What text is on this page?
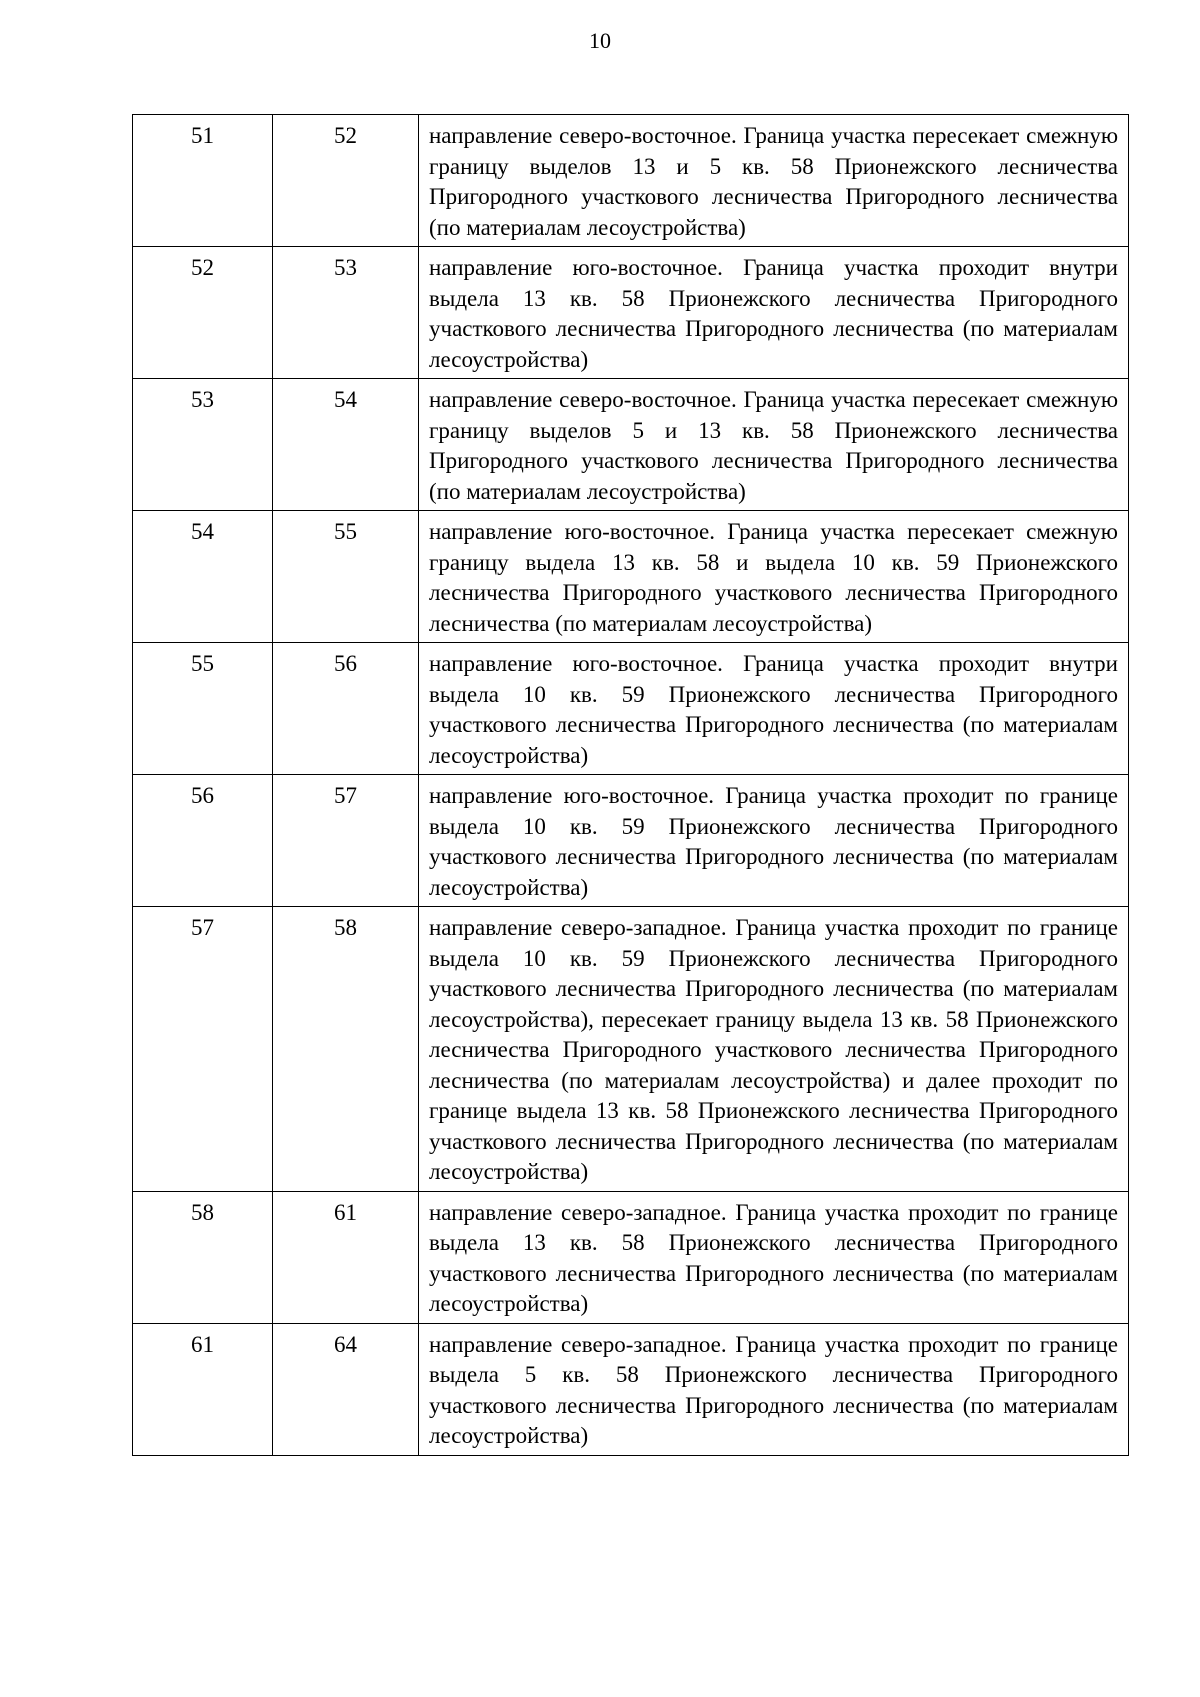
10
51	52	направление северо-восточное. Граница участка пересекает смежную границу выделов 13 и 5 кв. 58 Прионежского лесничества Пригородного участкового лесничества Пригородного лесничества (по материалам лесоустройства)
52	53	направление юго-восточное. Граница участка проходит внутри выдела 13 кв. 58 Прионежского лесничества Пригородного участкового лесничества Пригородного лесничества (по материалам лесоустройства)
53	54	направление северо-восточное. Граница участка пересекает смежную границу выделов 5 и 13 кв. 58 Прионежского лесничества Пригородного участкового лесничества Пригородного лесничества (по материалам лесоустройства)
54	55	направление юго-восточное. Граница участка пересекает смежную границу выдела 13 кв. 58 и выдела 10 кв. 59 Прионежского лесничества Пригородного участкового лесничества Пригородного лесничества (по материалам лесоустройства)
55	56	направление юго-восточное. Граница участка проходит внутри выдела 10 кв. 59 Прионежского лесничества Пригородного участкового лесничества Пригородного лесничества (по материалам лесоустройства)
56	57	направление юго-восточное. Граница участка проходит по границе выдела 10 кв. 59 Прионежского лесничества Пригородного участкового лесничества Пригородного лесничества (по материалам лесоустройства)
57	58	направление северо-западное. Граница участка проходит по границе выдела 10 кв. 59 Прионежского лесничества Пригородного участкового лесничества Пригородного лесничества (по материалам лесоустройства), пересекает границу выдела 13 кв. 58 Прионежского лесничества Пригородного участкового лесничества Пригородного лесничества (по материалам лесоустройства) и далее проходит по границе выдела 13 кв. 58 Прионежского лесничества Пригородного участкового лесничества Пригородного лесничества (по материалам лесоустройства)
58	61	направление северо-западное. Граница участка проходит по границе выдела 13 кв. 58 Прионежского лесничества Пригородного участкового лесничества Пригородного лесничества (по материалам лесоустройства)
61	64	направление северо-западное. Граница участка проходит по границе выдела 5 кв. 58 Прионежского лесничества Пригородного участкового лесничества Пригородного лесничества (по материалам лесоустройства)
